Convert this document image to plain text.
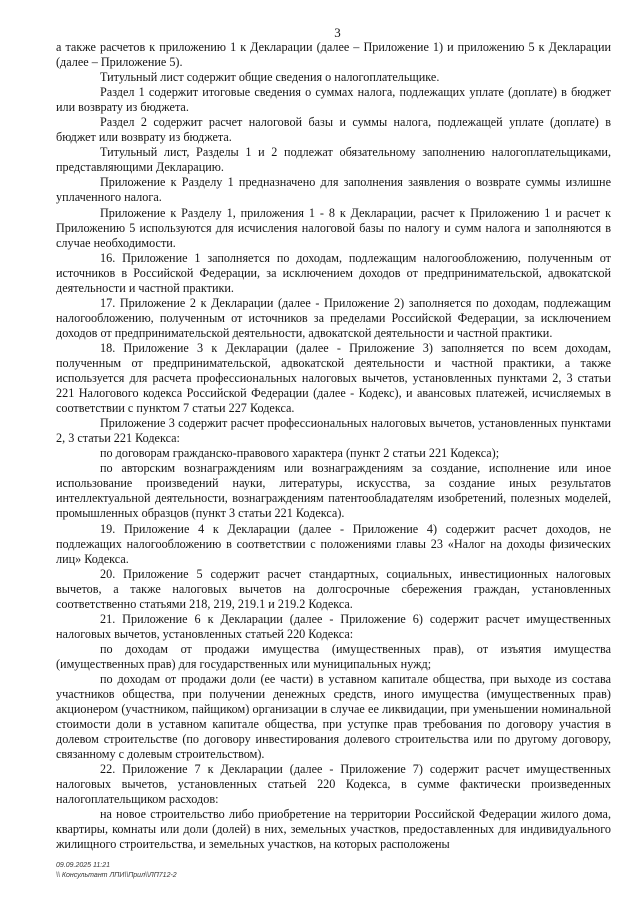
3

а также расчетов к приложению 1 к Декларации (далее – Приложение 1) и приложению 5 к Декларации (далее – Приложение 5).

Титульный лист содержит общие сведения о налогоплательщике.

Раздел 1 содержит итоговые сведения о суммах налога, подлежащих уплате (доплате) в бюджет или возврату из бюджета.

Раздел 2 содержит расчет налоговой базы и суммы налога, подлежащей уплате (доплате) в бюджет или возврату из бюджета.

Титульный лист, Разделы 1 и 2 подлежат обязательному заполнению налогоплательщиками, представляющими Декларацию.

Приложение к Разделу 1 предназначено для заполнения заявления о возврате суммы излишне уплаченного налога.

Приложение к Разделу 1, приложения 1 - 8 к Декларации, расчет к Приложению 1 и расчет к Приложению 5 используются для исчисления налоговой базы по налогу и сумм налога и заполняются в случае необходимости.

16. Приложение 1 заполняется по доходам, подлежащим налогообложению, полученным от источников в Российской Федерации, за исключением доходов от предпринимательской, адвокатской деятельности и частной практики.

17. Приложение 2 к Декларации (далее - Приложение 2) заполняется по доходам, подлежащим налогообложению, полученным от источников за пределами Российской Федерации, за исключением доходов от предпринимательской деятельности, адвокатской деятельности и частной практики.

18. Приложение 3 к Декларации (далее - Приложение 3) заполняется по всем доходам, полученным от предпринимательской, адвокатской деятельности и частной практики, а также используется для расчета профессиональных налоговых вычетов, установленных пунктами 2, 3 статьи 221 Налогового кодекса Российской Федерации (далее - Кодекс), и авансовых платежей, исчисляемых в соответствии с пунктом 7 статьи 227 Кодекса.

Приложение 3 содержит расчет профессиональных налоговых вычетов, установленных пунктами 2, 3 статьи 221 Кодекса:

по договорам гражданско-правового характера (пункт 2 статьи 221 Кодекса);

по авторским вознаграждениям или вознаграждениям за создание, исполнение или иное использование произведений науки, литературы, искусства, за создание иных результатов интеллектуальной деятельности, вознаграждениям патентообладателям изобретений, полезных моделей, промышленных образцов (пункт 3 статьи 221 Кодекса).

19. Приложение 4 к Декларации (далее - Приложение 4) содержит расчет доходов, не подлежащих налогообложению в соответствии с положениями главы 23 «Налог на доходы физических лиц» Кодекса.

20. Приложение 5 содержит расчет стандартных, социальных, инвестиционных налоговых вычетов, а также налоговых вычетов на долгосрочные сбережения граждан, установленных соответственно статьями 218, 219, 219.1 и 219.2 Кодекса.

21. Приложение 6 к Декларации (далее - Приложение 6) содержит расчет имущественных налоговых вычетов, установленных статьей 220 Кодекса:

по доходам от продажи имущества (имущественных прав), от изъятия имущества (имущественных прав) для государственных или муниципальных нужд;

по доходам от продажи доли (ее части) в уставном капитале общества, при выходе из состава участников общества, при получении денежных средств, иного имущества (имущественных прав) акционером (участником, пайщиком) организации в случае ее ликвидации, при уменьшении номинальной стоимости доли в уставном капитале общества, при уступке прав требования по договору участия в долевом строительстве (по договору инвестирования долевого строительства или по другому договору, связанному с долевым строительством).

22. Приложение 7 к Декларации (далее - Приложение 7) содержит расчет имущественных налоговых вычетов, установленных статьей 220 Кодекса, в сумме фактически произведенных налогоплательщиком расходов:

на новое строительство либо приобретение на территории Российской Федерации жилого дома, квартиры, комнаты или доли (долей) в них, земельных участков, предоставленных для индивидуального жилищного строительства, и земельных участков, на которых расположены

09.09.2025 11:21
\\ Консультант ЛПИ\\Прил\\ЛП712-2
